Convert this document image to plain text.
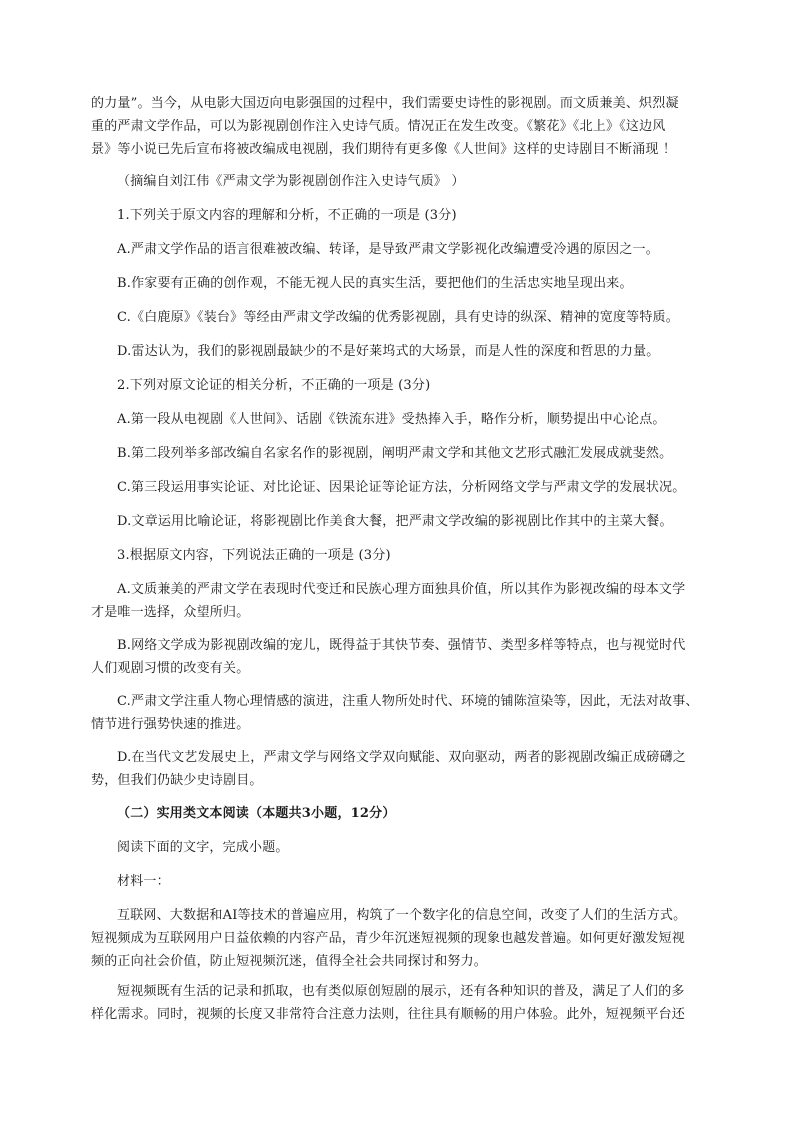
的力量”。当今，从电影大国迈向电影强国的过程中，我们需要史诗性的影视剧。而文质兼美、炽烈凝
重的严肃文学作品，可以为影视剧创作注入史诗气质。情况正在发生改变。《繁花》《北上》《这边风
景》等小说已先后宣布将被改编成电视剧，我们期待有更多像《人世间》这样的史诗剧目不断涌现 ！
（摘编自刘江伟《严肃文学为影视剧创作注入史诗气质》 ）
1.下列关于原文内容的理解和分析，不正确的一项是 (3分)
A.严肃文学作品的语言很难被改编、转译，是导致严肃文学影视化改编遭受冷遇的原因之一。
B.作家要有正确的创作观，不能无视人民的真实生活，要把他们的生活忠实地呈现出来。
C.《白鹿原》《装台》等经由严肃文学改编的优秀影视剧，具有史诗的纵深、精神的宽度等特质。
D.雷达认为，我们的影视剧最缺少的不是好莱坞式的大场景，而是人性的深度和哲思的力量。
2.下列对原文论证的相关分析，不正确的一项是 (3分)
A.第一段从电视剧《人世间》、话剧《铁流东进》受热捧入手，略作分析，顺势提出中心论点。
B.第二段列举多部改编自名家名作的影视剧，阐明严肃文学和其他文艺形式融汇发展成就斐然。
C.第三段运用事实论证、对比论证、因果论证等论证方法，分析网络文学与严肃文学的发展状况。
D.文章运用比喻论证，将影视剧比作美食大餐，把严肃文学改编的影视剧比作其中的主菜大餐。
3.根据原文内容，下列说法正确的一项是 (3分)
A.文质兼美的严肃文学在表现时代变迁和民族心理方面独具价值，所以其作为影视改编的母本文学
才是唯一选择，众望所归。
B.网络文学成为影视剧改编的宠儿，既得益于其快节奏、强情节、类型多样等特点，也与视觉时代
人们观剧习惯的改变有关。
C.严肃文学注重人物心理情感的演进，注重人物所处时代、环境的铺陈渲染等，因此，无法对故事、
情节进行强势快速的推进。
D.在当代文艺发展史上，严肃文学与网络文学双向赋能、双向驱动，两者的影视剧改编正成磅礴之
势，但我们仍缺少史诗剧目。
（二）实用类文本阅读（本题共3小题，12分）
阅读下面的文字，完成小题。
材料一：
互联网、大数据和AI等技术的普遍应用，构筑了一个数字化的信息空间，改变了人们的生活方式。
短视频成为互联网用户日益依赖的内容产品，青少年沉迷短视频的现象也越发普遍。如何更好激发短视
频的正向社会价值，防止短视频沉迷，值得全社会共同探讨和努力。
短视频既有生活的记录和抓取，也有类似原创短剧的展示，还有各种知识的普及，满足了人们的多
样化需求。同时，视频的长度又非常符合注意力法则，往往具有顺畅的用户体验。此外，短视频平台还
